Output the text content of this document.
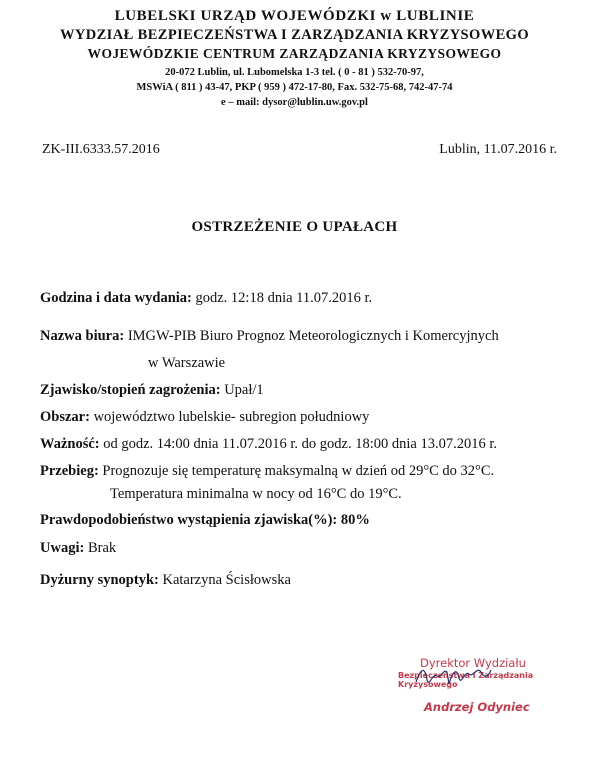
LUBELSKI URZĄD WOJEWÓDZKI w LUBLINIE
WYDZIAŁ BEZPIECZEŃSTWA I ZARZĄDZANIA KRYZYSOWEGO
WOJEWÓDZKIE CENTRUM ZARZĄDZANIA KRYZYSOWEGO
20-072 Lublin, ul. Lubomelska 1-3 tel. ( 0 - 81 ) 532-70-97,
MSWiA ( 811 ) 43-47, PKP ( 959 ) 472-17-80, Fax. 532-75-68, 742-47-74
e – mail: dysor@lublin.uw.gov.pl
ZK-III.6333.57.2016	Lublin, 11.07.2016 r.
OSTRZEŻENIE O UPAŁACH
Godzina i data wydania: godz. 12:18 dnia 11.07.2016 r.
Nazwa biura: IMGW-PIB Biuro Prognoz Meteorologicznych i Komercyjnych
w Warszawie
Zjawisko/stopień zagrożenia: Upał/1
Obszar: województwo lubelskie- subregion południowy
Ważność: od godz. 14:00 dnia 11.07.2016 r. do godz. 18:00 dnia 13.07.2016 r.
Przebieg: Prognozuje się temperaturę maksymalną w dzień od 29°C do 32°C.
Temperatura minimalna w nocy od 16°C do 19°C.
Prawdopodobieństwo wystąpienia zjawiska(%): 80%
Uwagi: Brak
Dyżurny synoptyk: Katarzyna Ścisłowska
Dyrektor Wydziału
Bezpieczeństwa i Zarządzania Kryzysowego
Andrzej Odyniec
